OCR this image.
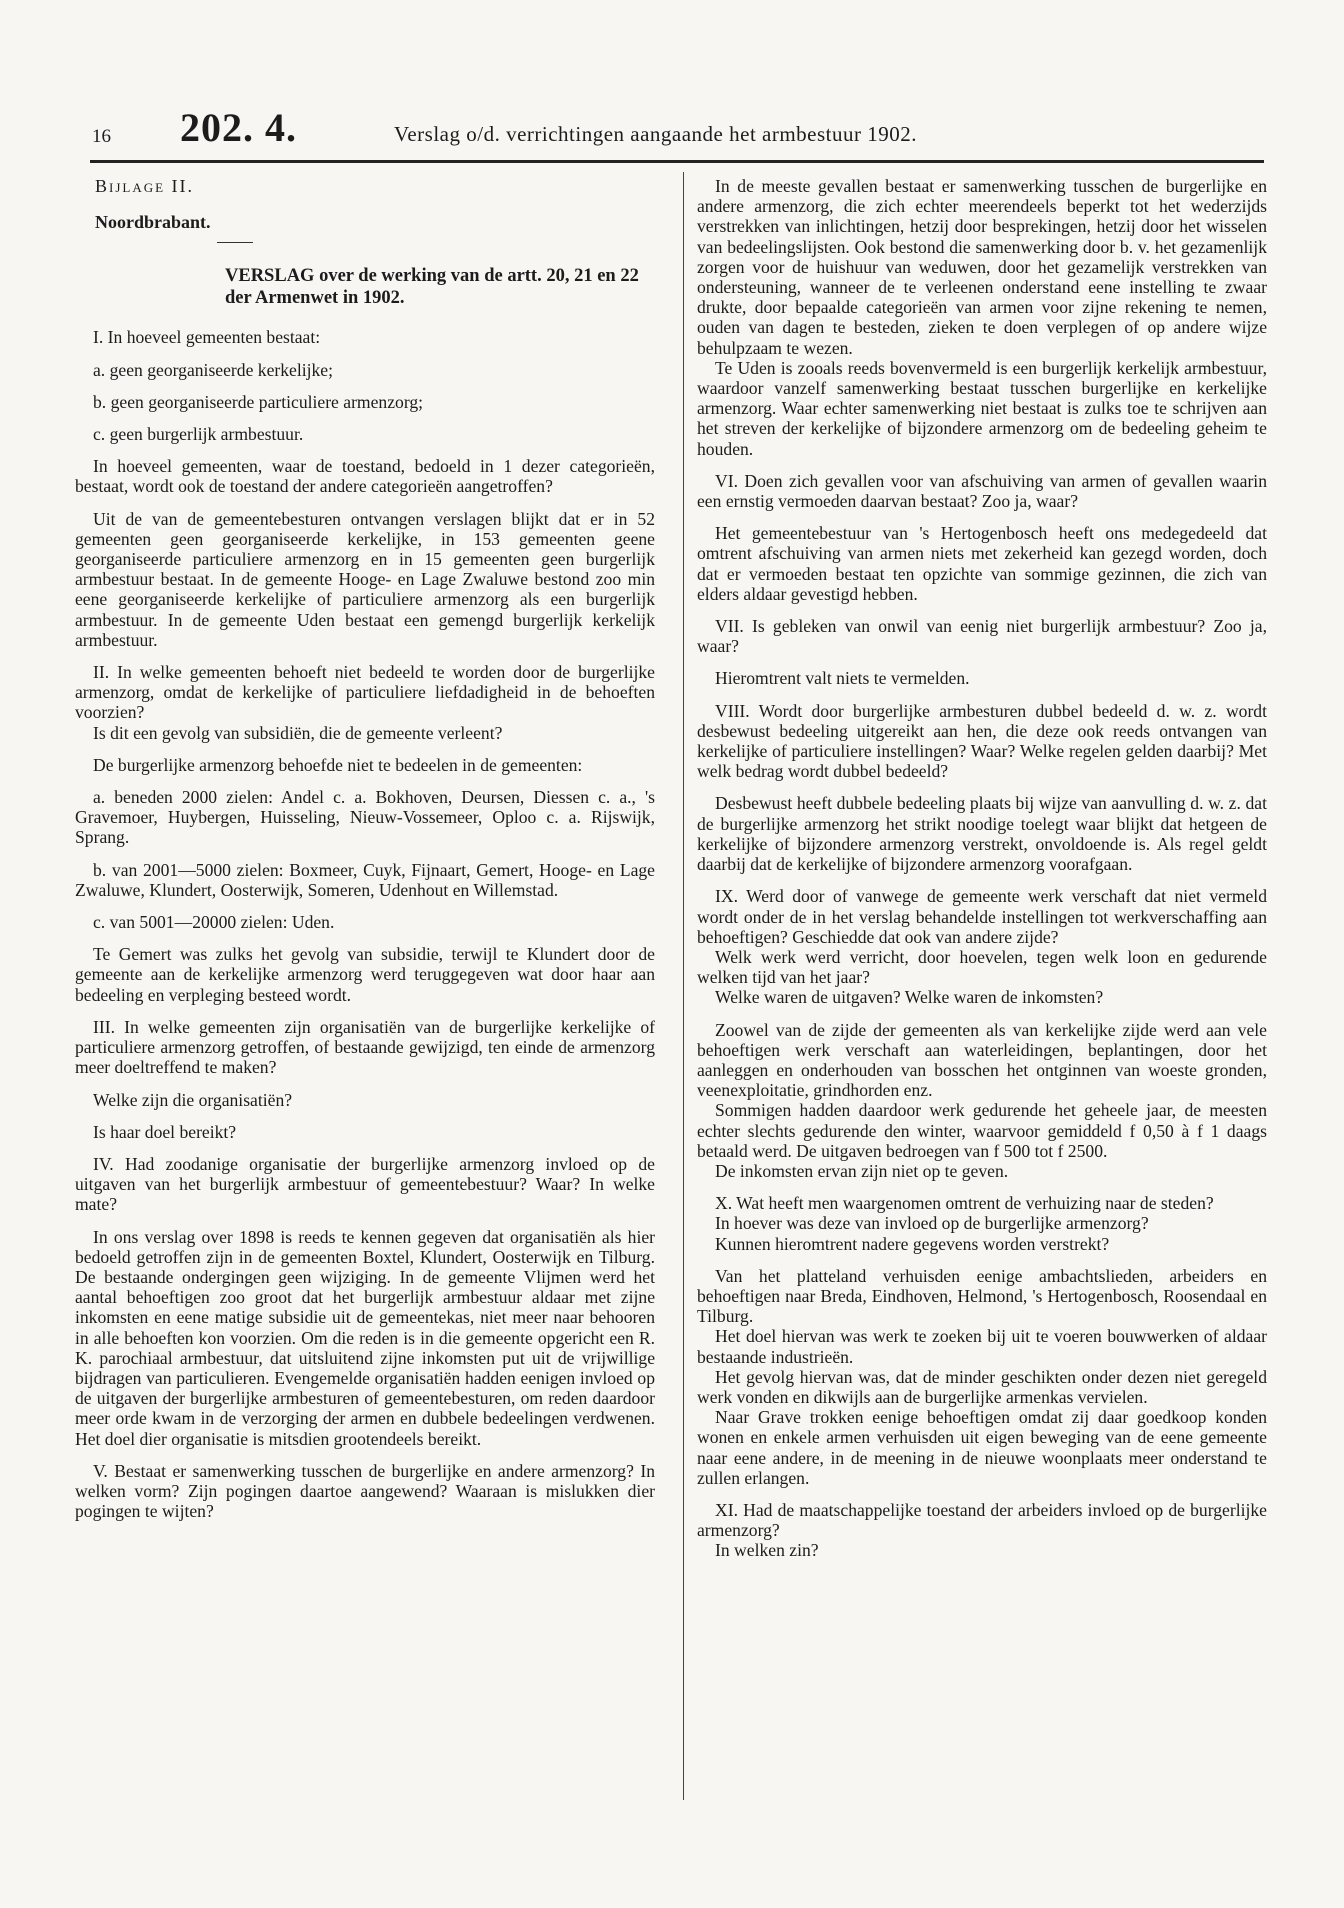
16 202. 4.	Verslag o/d. verrichtingen aangaande het armbestuur 1902.
Bijlage II.
Noordbrabant.
VERSLAG over de werking van de artt. 20, 21 en 22 der Armenwet in 1902.

I. In hoeveel gemeenten bestaat:

a. geen georganiseerde kerkelijke;

b. geen georganiseerde particuliere armenzorg;

c. geen burgerlijk armbestuur.

In hoeveel gemeenten, waar de toestand, bedoeld in 1 dezer categorieën, bestaat, wordt ook de toestand der andere categorieën aangetroffen?

Uit de van de gemeentebesturen ontvangen verslagen blijkt dat er in 52 gemeenten geen georganiseerde kerkelijke, in 153 gemeenten geene georganiseerde particuliere armenzorg en in 15 gemeenten geen burgerlijk armbestuur bestaat. In de gemeente Hooge- en Lage Zwaluwe bestond zoo min eene georganiseerde kerkelijke of particuliere armenzorg als een burgerlijk armbestuur. In de gemeente Uden bestaat een gemengd burgerlijk kerkelijk armbestuur.

II. In welke gemeenten behoeft niet bedeeld te worden door de burgerlijke armenzorg, omdat de kerkelijke of particuliere liefdadigheid in de behoeften voorzien?

Is dit een gevolg van subsidiën, die de gemeente verleent?

De burgerlijke armenzorg behoefde niet te bedeelen in de gemeenten:

a. beneden 2000 zielen: Andel c. a. Bokhoven, Deursen, Diessen c. a., 's Gravemoer, Huybergen, Huisseling, Nieuw-Vossemeer, Oploo c. a. Rijswijk, Sprang.

b. van 2001—5000 zielen: Boxmeer, Cuyk, Fijnaart, Gemert, Hooge- en Lage Zwaluwe, Klundert, Oosterwijk, Someren, Udenhout en Willemstad.

c. van 5001—20000 zielen: Uden.

Te Gemert was zulks het gevolg van subsidie, terwijl te Klundert door de gemeente aan de kerkelijke armenzorg werd teruggegeven wat door haar aan bedeeling en verpleging besteed wordt.

III. In welke gemeenten zijn organisatiën van de burgerlijke kerkelijke of particuliere armenzorg getroffen, of bestaande gewijzigd, ten einde de armenzorg meer doeltreffend te maken?

Welke zijn die organisatiën?

Is haar doel bereikt?

IV. Had zoodanige organisatie der burgerlijke armenzorg invloed op de uitgaven van het burgerlijk armbestuur of gemeentebestuur? Waar? In welke mate?

In ons verslag over 1898 is reeds te kennen gegeven dat organisatiën als hier bedoeld getroffen zijn in de gemeenten Boxtel, Klundert, Oosterwijk en Tilburg. De bestaande ondergingen geen wijziging. In de gemeente Vlijmen werd het aantal behoeftigen zoo groot dat het burgerlijk armbestuur aldaar met zijne inkomsten en eene matige subsidie uit de gemeentekas, niet meer naar behooren in alle behoeften kon voorzien. Om die reden is in die gemeente opgericht een R. K. parochiaal armbestuur, dat uitsluitend zijne inkomsten put uit de vrijwillige bijdragen van particulieren. Evengemelde organisatiën hadden eenigen invloed op de uitgaven der burgerlijke armbesturen of gemeentebesturen, om reden daardoor meer orde kwam in de verzorging der armen en dubbele bedeelingen verdwenen. Het doel dier organisatie is mitsdien grootendeels bereikt.

V. Bestaat er samenwerking tusschen de burgerlijke en andere armenzorg? In welken vorm? Zijn pogingen daartoe aangewend? Waaraan is mislukken dier pogingen te wijten?

In de meeste gevallen bestaat er samenwerking tusschen de burgerlijke en andere armenzorg, die zich echter meerendeels beperkt tot het wederzijds verstrekken van inlichtingen, hetzij door besprekingen, hetzij door het wisselen van bedeelingslijsten. Ook bestond die samenwerking door b. v. het gezamenlijk zorgen voor de huishuur van weduwen, door het gezamelijk verstrekken van ondersteuning, wanneer de te verleenen onderstand eene instelling te zwaar drukte, door bepaalde categorieën van armen voor zijne rekening te nemen, ouden van dagen te besteden, zieken te doen verplegen of op andere wijze behulpzaam te wezen.

Te Uden is zooals reeds bovenvermeld is een burgerlijk kerkelijk armbestuur, waardoor vanzelf samenwerking bestaat tusschen burgerlijke en kerkelijke armenzorg. Waar echter samenwerking niet bestaat is zulks toe te schrijven aan het streven der kerkelijke of bijzondere armenzorg om de bedeeling geheim te houden.

VI. Doen zich gevallen voor van afschuiving van armen of gevallen waarin een ernstig vermoeden daarvan bestaat? Zoo ja, waar?

Het gemeentebestuur van 's Hertogenbosch heeft ons medegedeeld dat omtrent afschuiving van armen niets met zekerheid kan gezegd worden, doch dat er vermoeden bestaat ten opzichte van sommige gezinnen, die zich van elders aldaar gevestigd hebben.

VII. Is gebleken van onwil van eenig niet burgerlijk armbestuur? Zoo ja, waar?

Hieromtrent valt niets te vermelden.

VIII. Wordt door burgerlijke armbesturen dubbel bedeeld d. w. z. wordt desbewust bedeeling uitgereikt aan hen, die deze ook reeds ontvangen van kerkelijke of particuliere instellingen? Waar? Welke regelen gelden daarbij? Met welk bedrag wordt dubbel bedeeld?

Desbewust heeft dubbele bedeeling plaats bij wijze van aanvulling d. w. z. dat de burgerlijke armenzorg het strikt noodige toelegt waar blijkt dat hetgeen de kerkelijke of bijzondere armenzorg verstrekt, onvoldoende is. Als regel geldt daarbij dat de kerkelijke of bijzondere armenzorg voorafgaan.

IX. Werd door of vanwege de gemeente werk verschaft dat niet vermeld wordt onder de in het verslag behandelde instellingen tot werkverschaffing aan behoeftigen? Geschiedde dat ook van andere zijde?

Welk werk werd verricht, door hoevelen, tegen welk loon en gedurende welken tijd van het jaar?

Welke waren de uitgaven? Welke waren de inkomsten?

Zoowel van de zijde der gemeenten als van kerkelijke zijde werd aan vele behoeftigen werk verschaft aan waterleidingen, beplantingen, door het aanleggen en onderhouden van bosschen het ontginnen van woeste gronden, veenexploitatie, grindhorden enz.

Sommigen hadden daardoor werk gedurende het geheele jaar, de meesten echter slechts gedurende den winter, waarvoor gemiddeld f 0,50 à f 1 daags betaald werd. De uitgaven bedroegen van f 500 tot f 2500.

De inkomsten ervan zijn niet op te geven.

X. Wat heeft men waargenomen omtrent de verhuizing naar de steden?

In hoever was deze van invloed op de burgerlijke armenzorg?

Kunnen hieromtrent nadere gegevens worden verstrekt?

Van het platteland verhuisden eenige ambachtslieden, arbeiders en behoeftigen naar Breda, Eindhoven, Helmond, 's Hertogenbosch, Roosendaal en Tilburg.

Het doel hiervan was werk te zoeken bij uit te voeren bouwwerken of aldaar bestaande industrieën.

Het gevolg hiervan was, dat de minder geschikten onder dezen niet geregeld werk vonden en dikwijls aan de burgerlijke armenkas vervielen.

Naar Grave trokken eenige behoeftigen omdat zij daar goedkoop konden wonen en enkele armen verhuisden uit eigen beweging van de eene gemeente naar eene andere, in de meening in de nieuwe woonplaats meer onderstand te zullen erlangen.

XI. Had de maatschappelijke toestand der arbeiders invloed op de burgerlijke armenzorg?

In welken zin?
